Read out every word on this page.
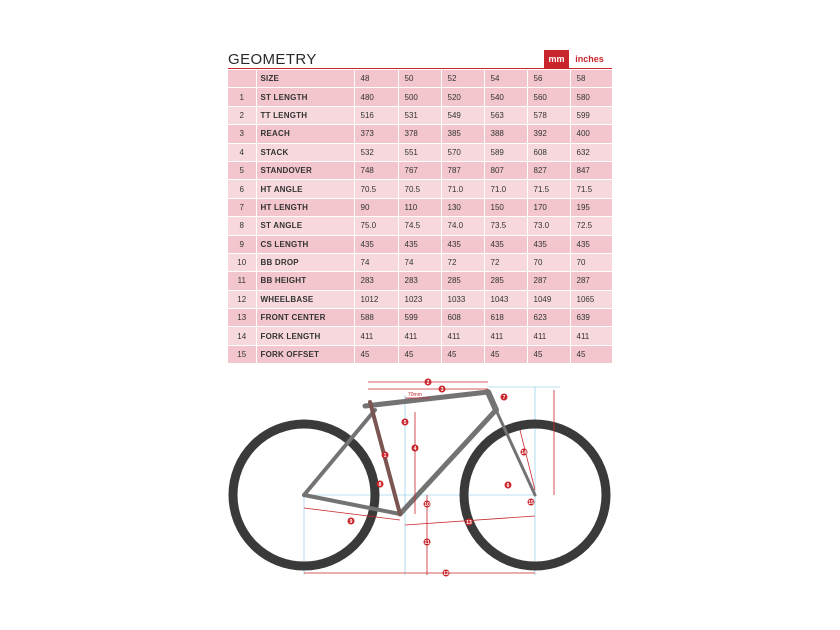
GEOMETRY	mm	inches
	SIZE	48	50	52	54	56	58
1	ST LENGTH	480	500	520	540	560	580
2	TT LENGTH	516	531	549	563	578	599
3	REACH	373	378	385	388	392	400
4	STACK	532	551	570	589	608	632
5	STANDOVER	748	767	787	807	827	847
6	HT ANGLE	70.5	70.5	71.0	71.0	71.5	71.5
7	HT LENGTH	90	110	130	150	170	195
8	ST ANGLE	75.0	74.5	74.0	73.5	73.0	72.5
9	CS LENGTH	435	435	435	435	435	435
10	BB DROP	74	74	72	72	70	70
11	BB HEIGHT	283	283	285	285	287	287
12	WHEELBASE	1012	1023	1033	1043	1049	1065
13	FRONT CENTER	588	599	608	618	623	639
14	FORK LENGTH	411	411	411	411	411	411
15	FORK OFFSET	45	45	45	45	45	45
1
2
3
4
5
6
7
8
9
10
11
12
13
14
15
70mm
